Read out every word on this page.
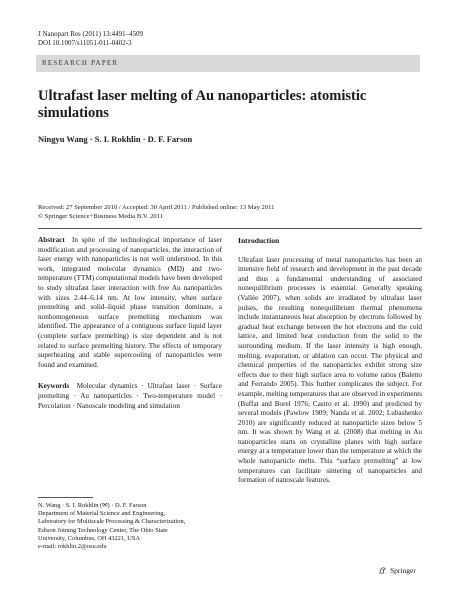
J Nanopart Res (2011) 13:4491–4509
DOI 10.1007/s11051-011-0402-3
RESEARCH PAPER
Ultrafast laser melting of Au nanoparticles: atomistic simulations
Ningyu Wang · S. I. Rokhlin · D. F. Farson
Received: 27 September 2010 / Accepted: 30 April 2011 / Published online: 13 May 2011
© Springer Science+Business Media B.V. 2011
Abstract In spite of the technological importance of laser modification and processing of nanoparticles, the interaction of laser energy with nanoparticles is not well understood. In this work, integrated molecular dynamics (MD) and two-temperature (TTM) computational models have been developed to study ultrafast laser interaction with free Au nanoparticles with sizes 2.44–6.14 nm. At low intensity, when surface premelting and solid–liquid phase transition dominate, a nonhomogeneous surface premelting mechanism was identified. The appearance of a contiguous surface liquid layer (complete surface premelting) is size dependent and is not related to surface premelting history. The effects of temporary superheating and stable supercooling of nanoparticles were found and examined.
Keywords Molecular dynamics · Ultrafast laser · Surface premelting · Au nanoparticles · Two-temperature model · Percolation · Nanoscale modeling and simulation
N. Wang · S. I. Rokhlin (✉) · D. F. Farson
Department of Material Science and Engineering,
Laboratory for Multiscale Processing & Characterization,
Edison Joining Technology Center, The Ohio State
University, Columbus, OH 43221, USA
e-mail: rokhlin.2@osu.edu
Introduction
Ultrafast laser processing of metal nanoparticles has been an intensive field of research and development in the past decade and thus a fundamental understanding of associated nonequilibrium processes is essential. Generally speaking (Vallée 2007), when solids are irradiated by ultrafast laser pulses, the resulting nonequilibrium thermal phenomena include instantaneous heat absorption by electrons followed by gradual heat exchange between the hot electrons and the cold lattice, and limited heat conduction from the solid to the surrounding medium. If the laser intensity is high enough, melting, evaporation, or ablation can occur. The physical and chemical properties of the nanoparticles exhibit strong size effects due to their high surface area to volume ratios (Baletto and Ferrando 2005). This further complicates the subject. For example, melting temperatures that are observed in experiments (Buffat and Borel 1976; Castro et al. 1990) and predicted by several models (Pawlow 1909; Nanda et al. 2002; Lubashenko 2010) are significantly reduced at nanoparticle sizes below 5 nm. It was shown by Wang et al. (2008) that melting in Au nanoparticles starts on crystalline planes with high surface energy at a temperature lower than the temperature at which the whole nanoparticle melts. This “surface premelting” at low temperatures can facilitate sintering of nanoparticles and formation of nanoscale features.
Springer
